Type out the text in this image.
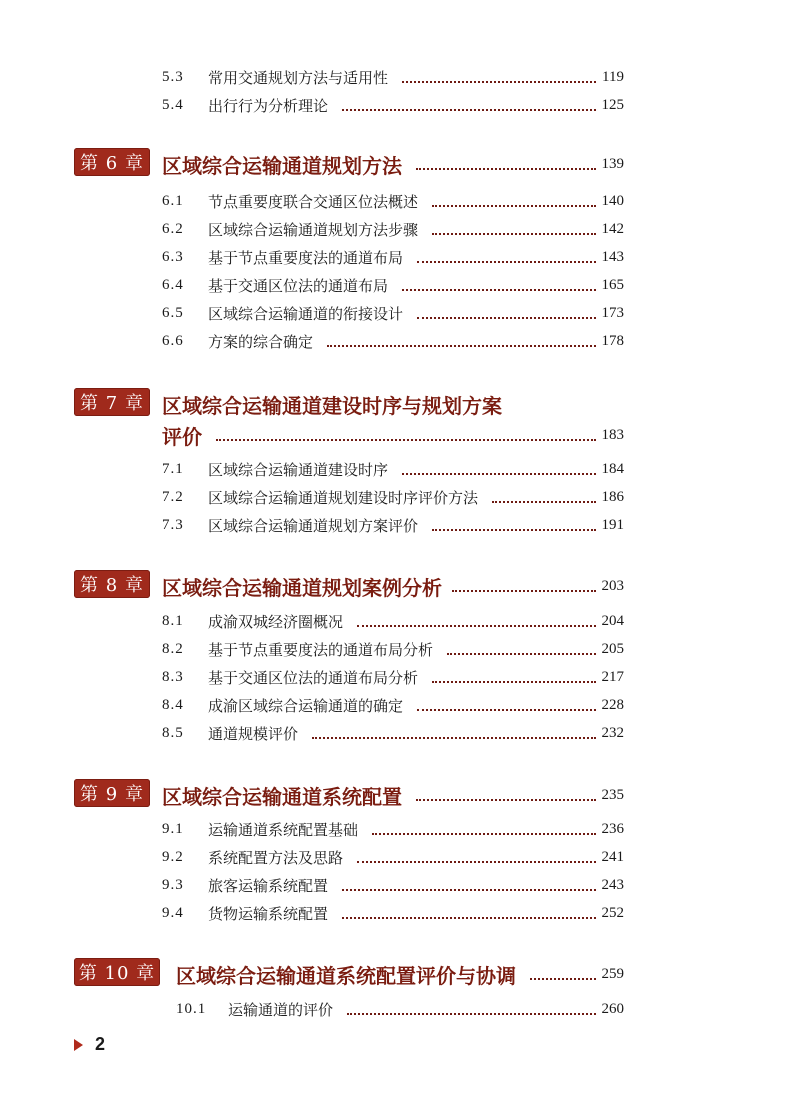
5.3	常用交通规划方法与适用性	119
5.4	出行行为分析理论	125
第 6 章 区域综合运输通道规划方法	139
6.1	节点重要度联合交通区位法概述	140
6.2	区域综合运输通道规划方法步骤	142
6.3	基于节点重要度法的通道布局	143
6.4	基于交通区位法的通道布局	165
6.5	区域综合运输通道的衔接设计	173
6.6	方案的综合确定	178
第 7 章 区域综合运输通道建设时序与规划方案
评价	183
7.1	区域综合运输通道建设时序	184
7.2	区域综合运输通道规划建设时序评价方法	186
7.3	区域综合运输通道规划方案评价	191
第 8 章 区域综合运输通道规划案例分析	203
8.1	成渝双城经济圈概况	204
8.2	基于节点重要度法的通道布局分析	205
8.3	基于交通区位法的通道布局分析	217
8.4	成渝区域综合运输通道的确定	228
8.5	通道规模评价	232
第 9 章 区域综合运输通道系统配置	235
9.1	运输通道系统配置基础	236
9.2	系统配置方法及思路	241
9.3	旅客运输系统配置	243
9.4	货物运输系统配置	252
第 10 章 区域综合运输通道系统配置评价与协调	259
10.1	运输通道的评价	260
2
